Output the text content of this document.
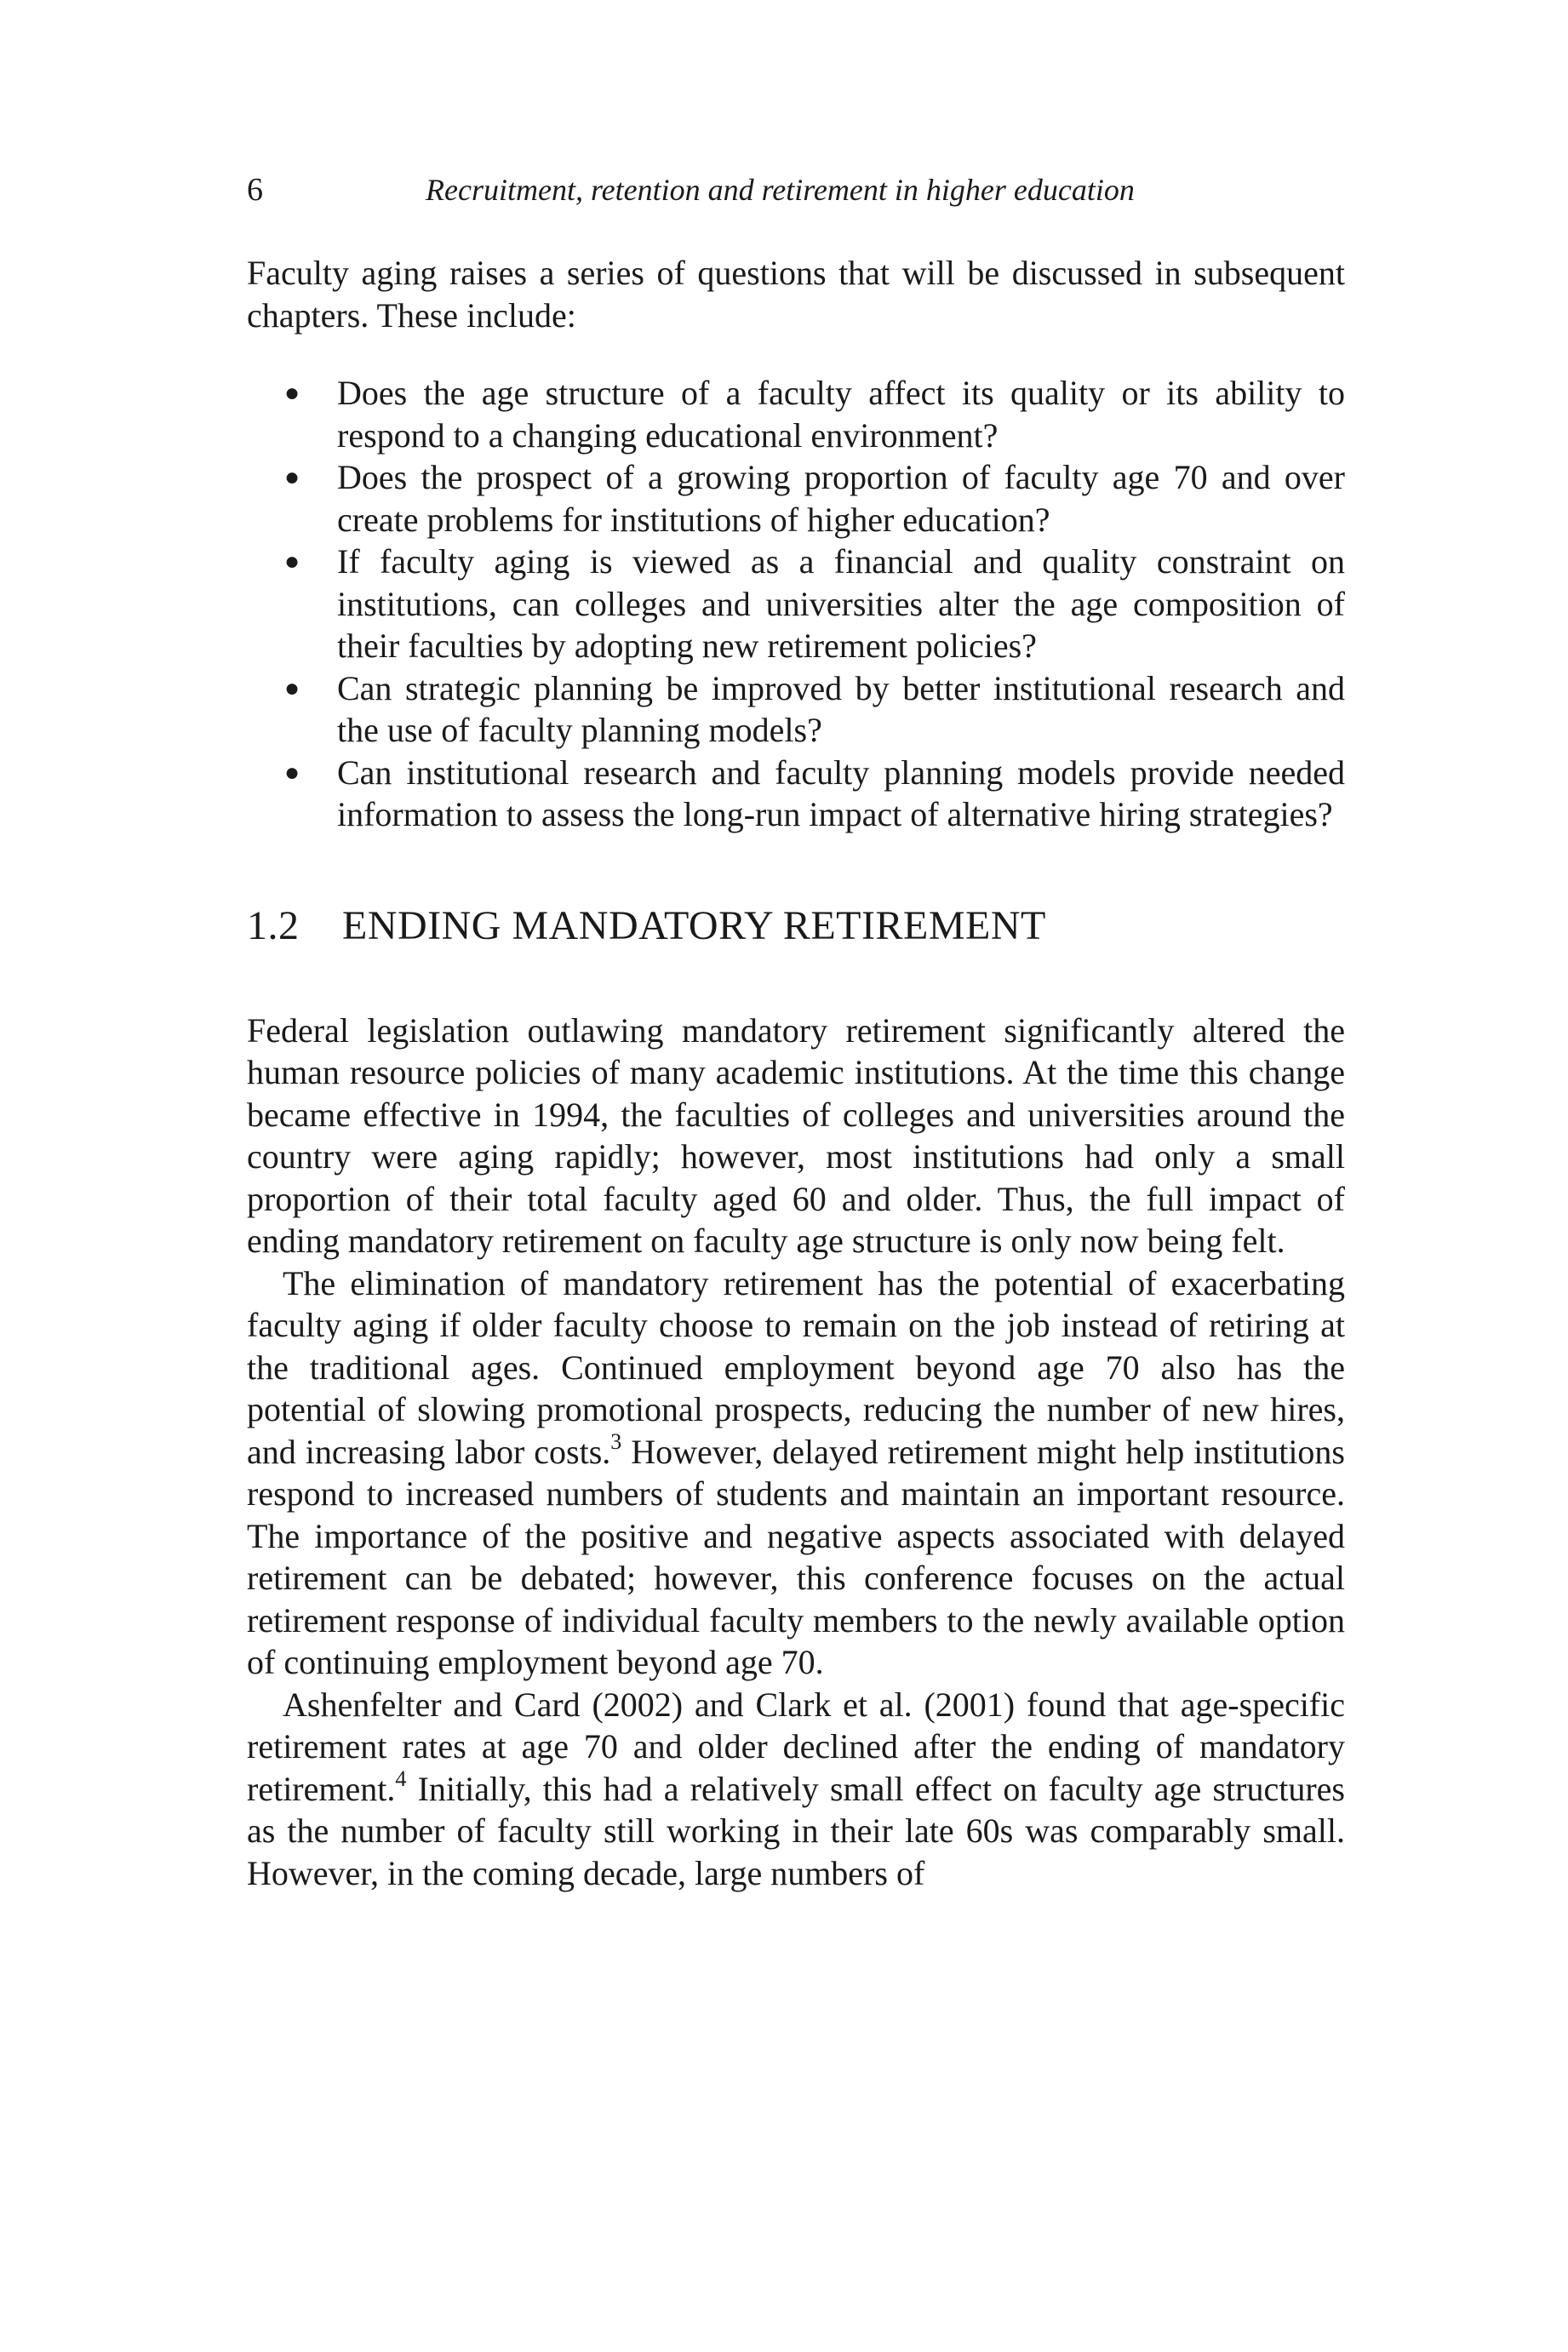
6	Recruitment, retention and retirement in higher education

Faculty aging raises a series of questions that will be discussed in subsequent chapters. These include:

● Does the age structure of a faculty affect its quality or its ability to respond to a changing educational environment?
● Does the prospect of a growing proportion of faculty age 70 and over create problems for institutions of higher education?
● If faculty aging is viewed as a financial and quality constraint on institutions, can colleges and universities alter the age composition of their faculties by adopting new retirement policies?
● Can strategic planning be improved by better institutional research and the use of faculty planning models?
● Can institutional research and faculty planning models provide needed information to assess the long-run impact of alternative hiring strategies?
1.2 ENDING MANDATORY RETIREMENT

Federal legislation outlawing mandatory retirement significantly altered the human resource policies of many academic institutions. At the time this change became effective in 1994, the faculties of colleges and universities around the country were aging rapidly; however, most institutions had only a small proportion of their total faculty aged 60 and older. Thus, the full impact of ending mandatory retirement on faculty age structure is only now being felt.

The elimination of mandatory retirement has the potential of exacerbating faculty aging if older faculty choose to remain on the job instead of retiring at the traditional ages. Continued employment beyond age 70 also has the potential of slowing promotional prospects, reducing the number of new hires, and increasing labor costs.$^3$ However, delayed retirement might help institutions respond to increased numbers of students and maintain an important resource. The importance of the positive and negative aspects associated with delayed retirement can be debated; however, this conference focuses on the actual retirement response of individual faculty members to the newly available option of continuing employment beyond age 70.

Ashenfelter and Card (2002) and Clark et al. (2001) found that age-specific retirement rates at age 70 and older declined after the ending of mandatory retirement.$^4$ Initially, this had a relatively small effect on faculty age structures as the number of faculty still working in their late 60s was comparably small. However, in the coming decade, large numbers of
